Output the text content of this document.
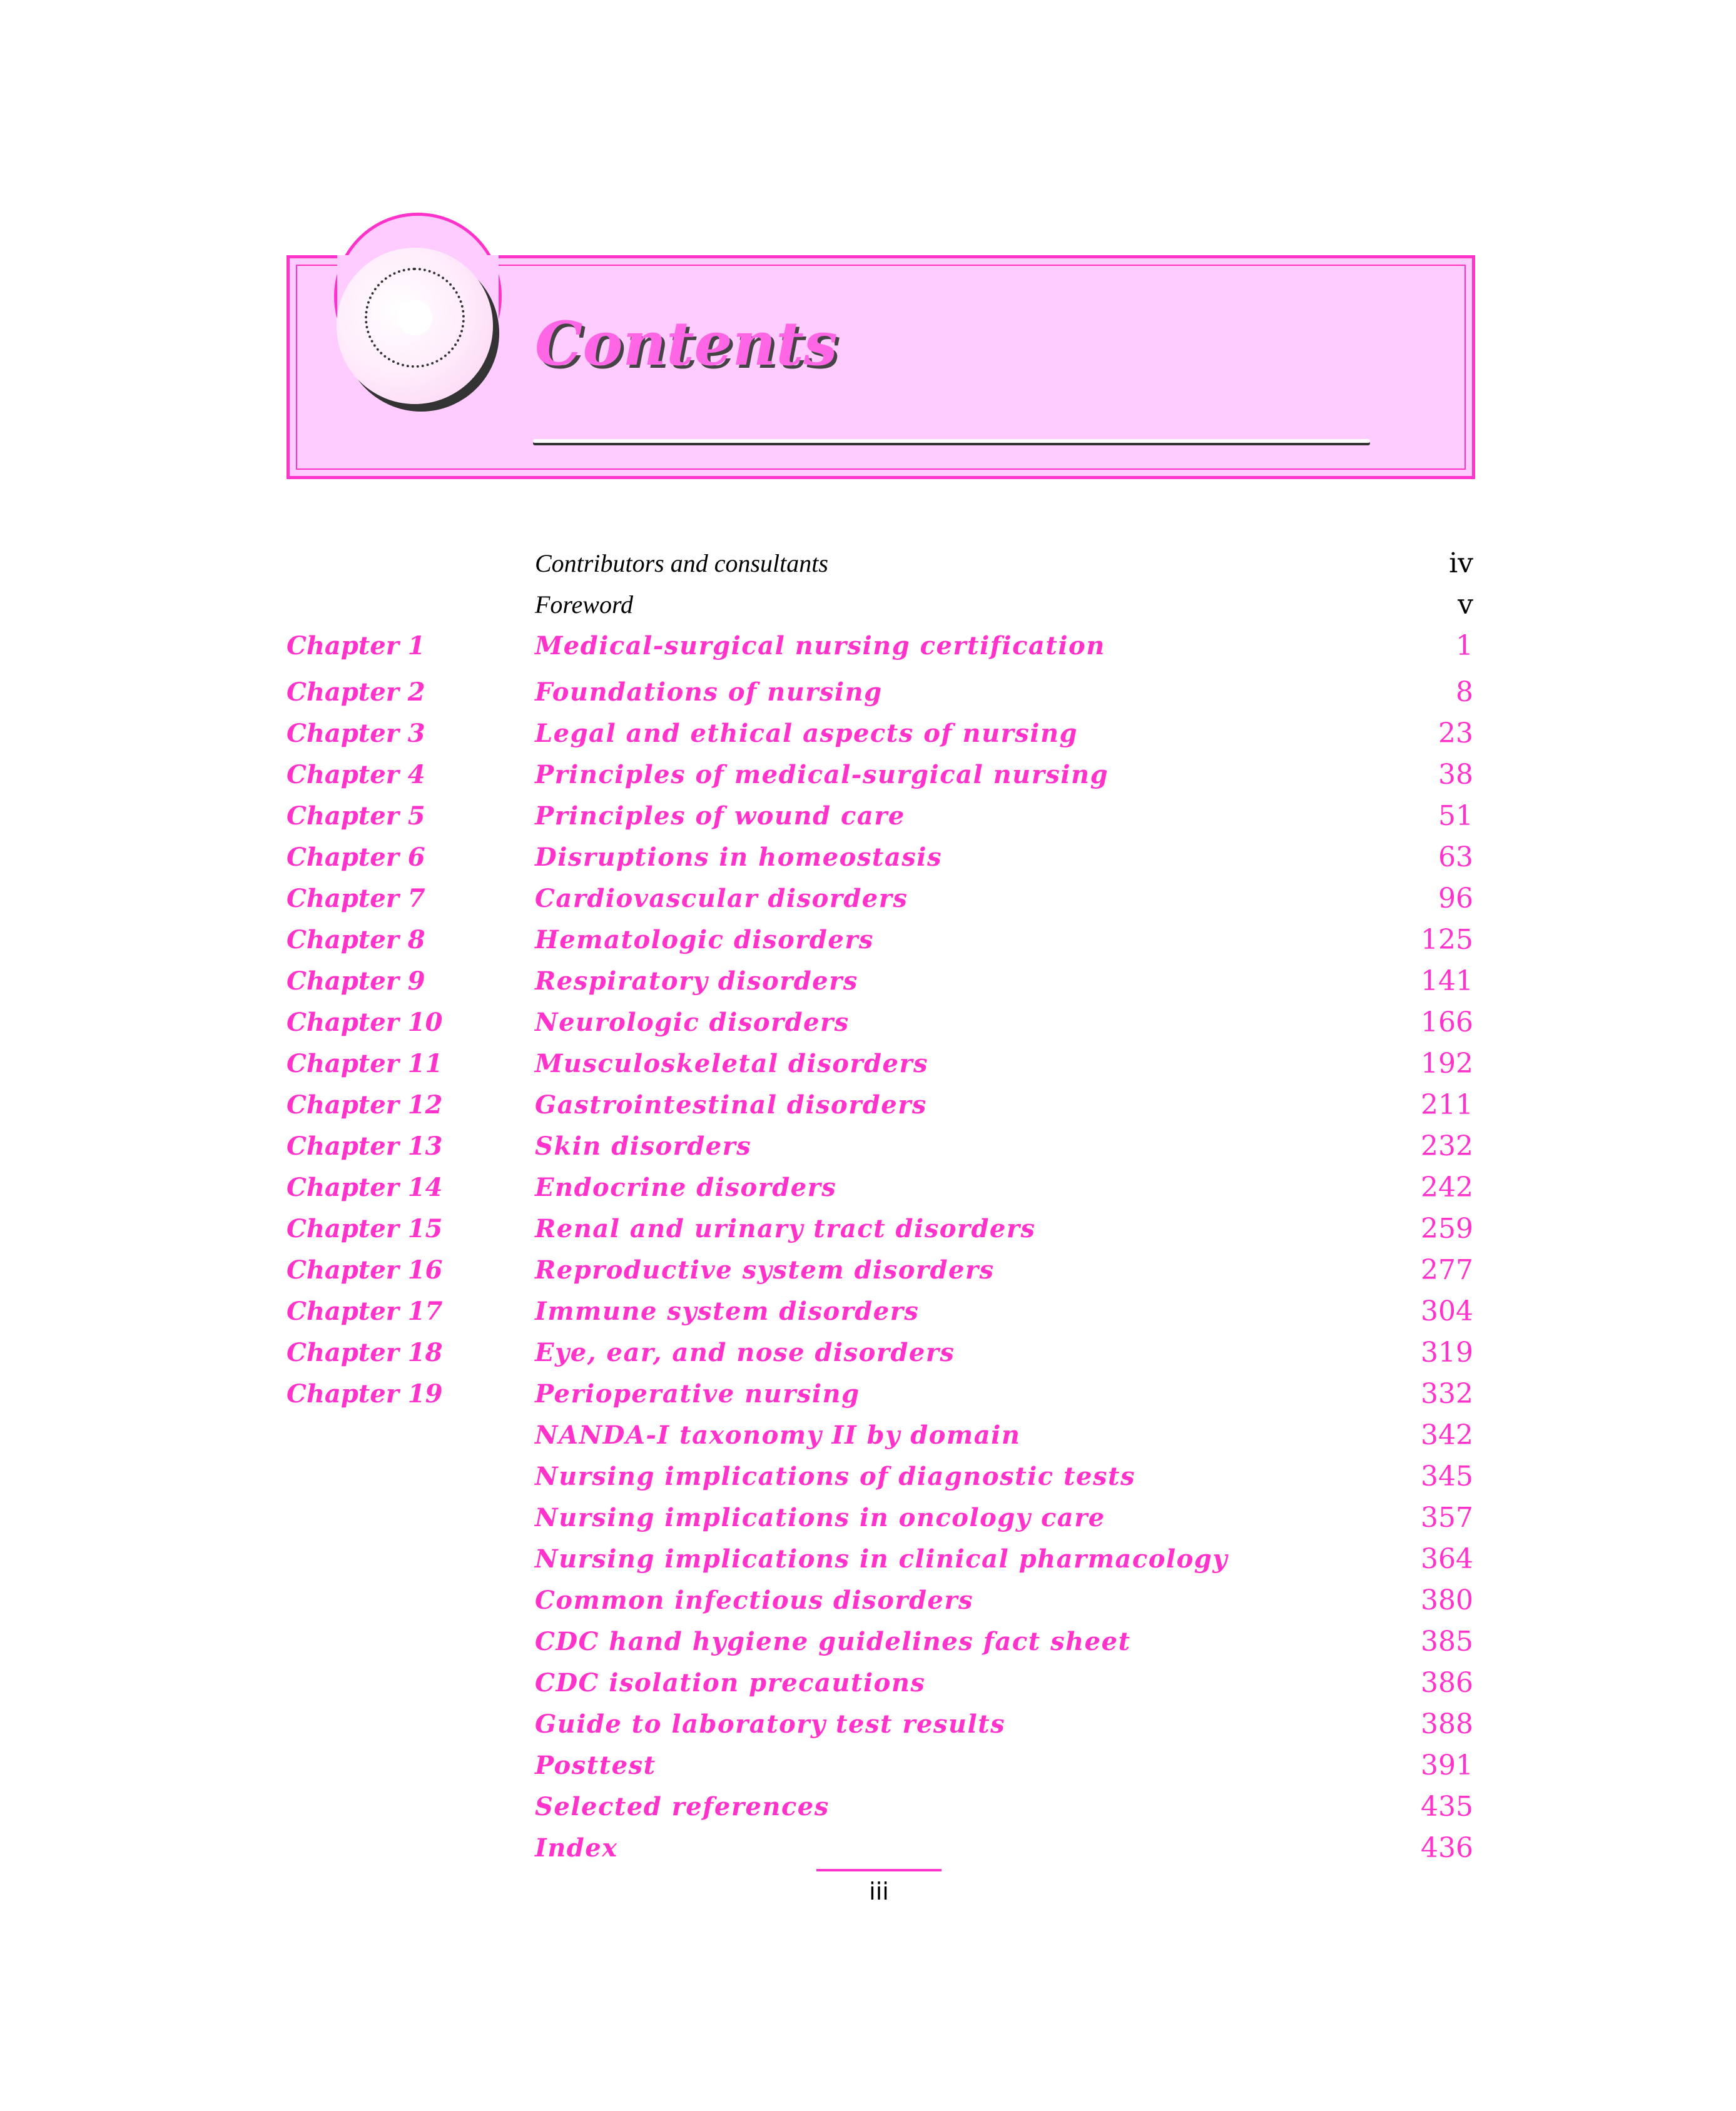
Contents
Contributors and consultants	iv
Foreword	v
Chapter 1	Medical-surgical nursing certification	1
Chapter 2	Foundations of nursing	8
Chapter 3	Legal and ethical aspects of nursing	23
Chapter 4	Principles of medical-surgical nursing	38
Chapter 5	Principles of wound care	51
Chapter 6	Disruptions in homeostasis	63
Chapter 7	Cardiovascular disorders	96
Chapter 8	Hematologic disorders	125
Chapter 9	Respiratory disorders	141
Chapter 10	Neurologic disorders	166
Chapter 11	Musculoskeletal disorders	192
Chapter 12	Gastrointestinal disorders	211
Chapter 13	Skin disorders	232
Chapter 14	Endocrine disorders	242
Chapter 15	Renal and urinary tract disorders	259
Chapter 16	Reproductive system disorders	277
Chapter 17	Immune system disorders	304
Chapter 18	Eye, ear, and nose disorders	319
Chapter 19	Perioperative nursing	332
NANDA-I taxonomy II by domain	342
Nursing implications of diagnostic tests	345
Nursing implications in oncology care	357
Nursing implications in clinical pharmacology	364
Common infectious disorders	380
CDC hand hygiene guidelines fact sheet	385
CDC isolation precautions	386
Guide to laboratory test results	388
Posttest	391
Selected references	435
Index	436
iii
